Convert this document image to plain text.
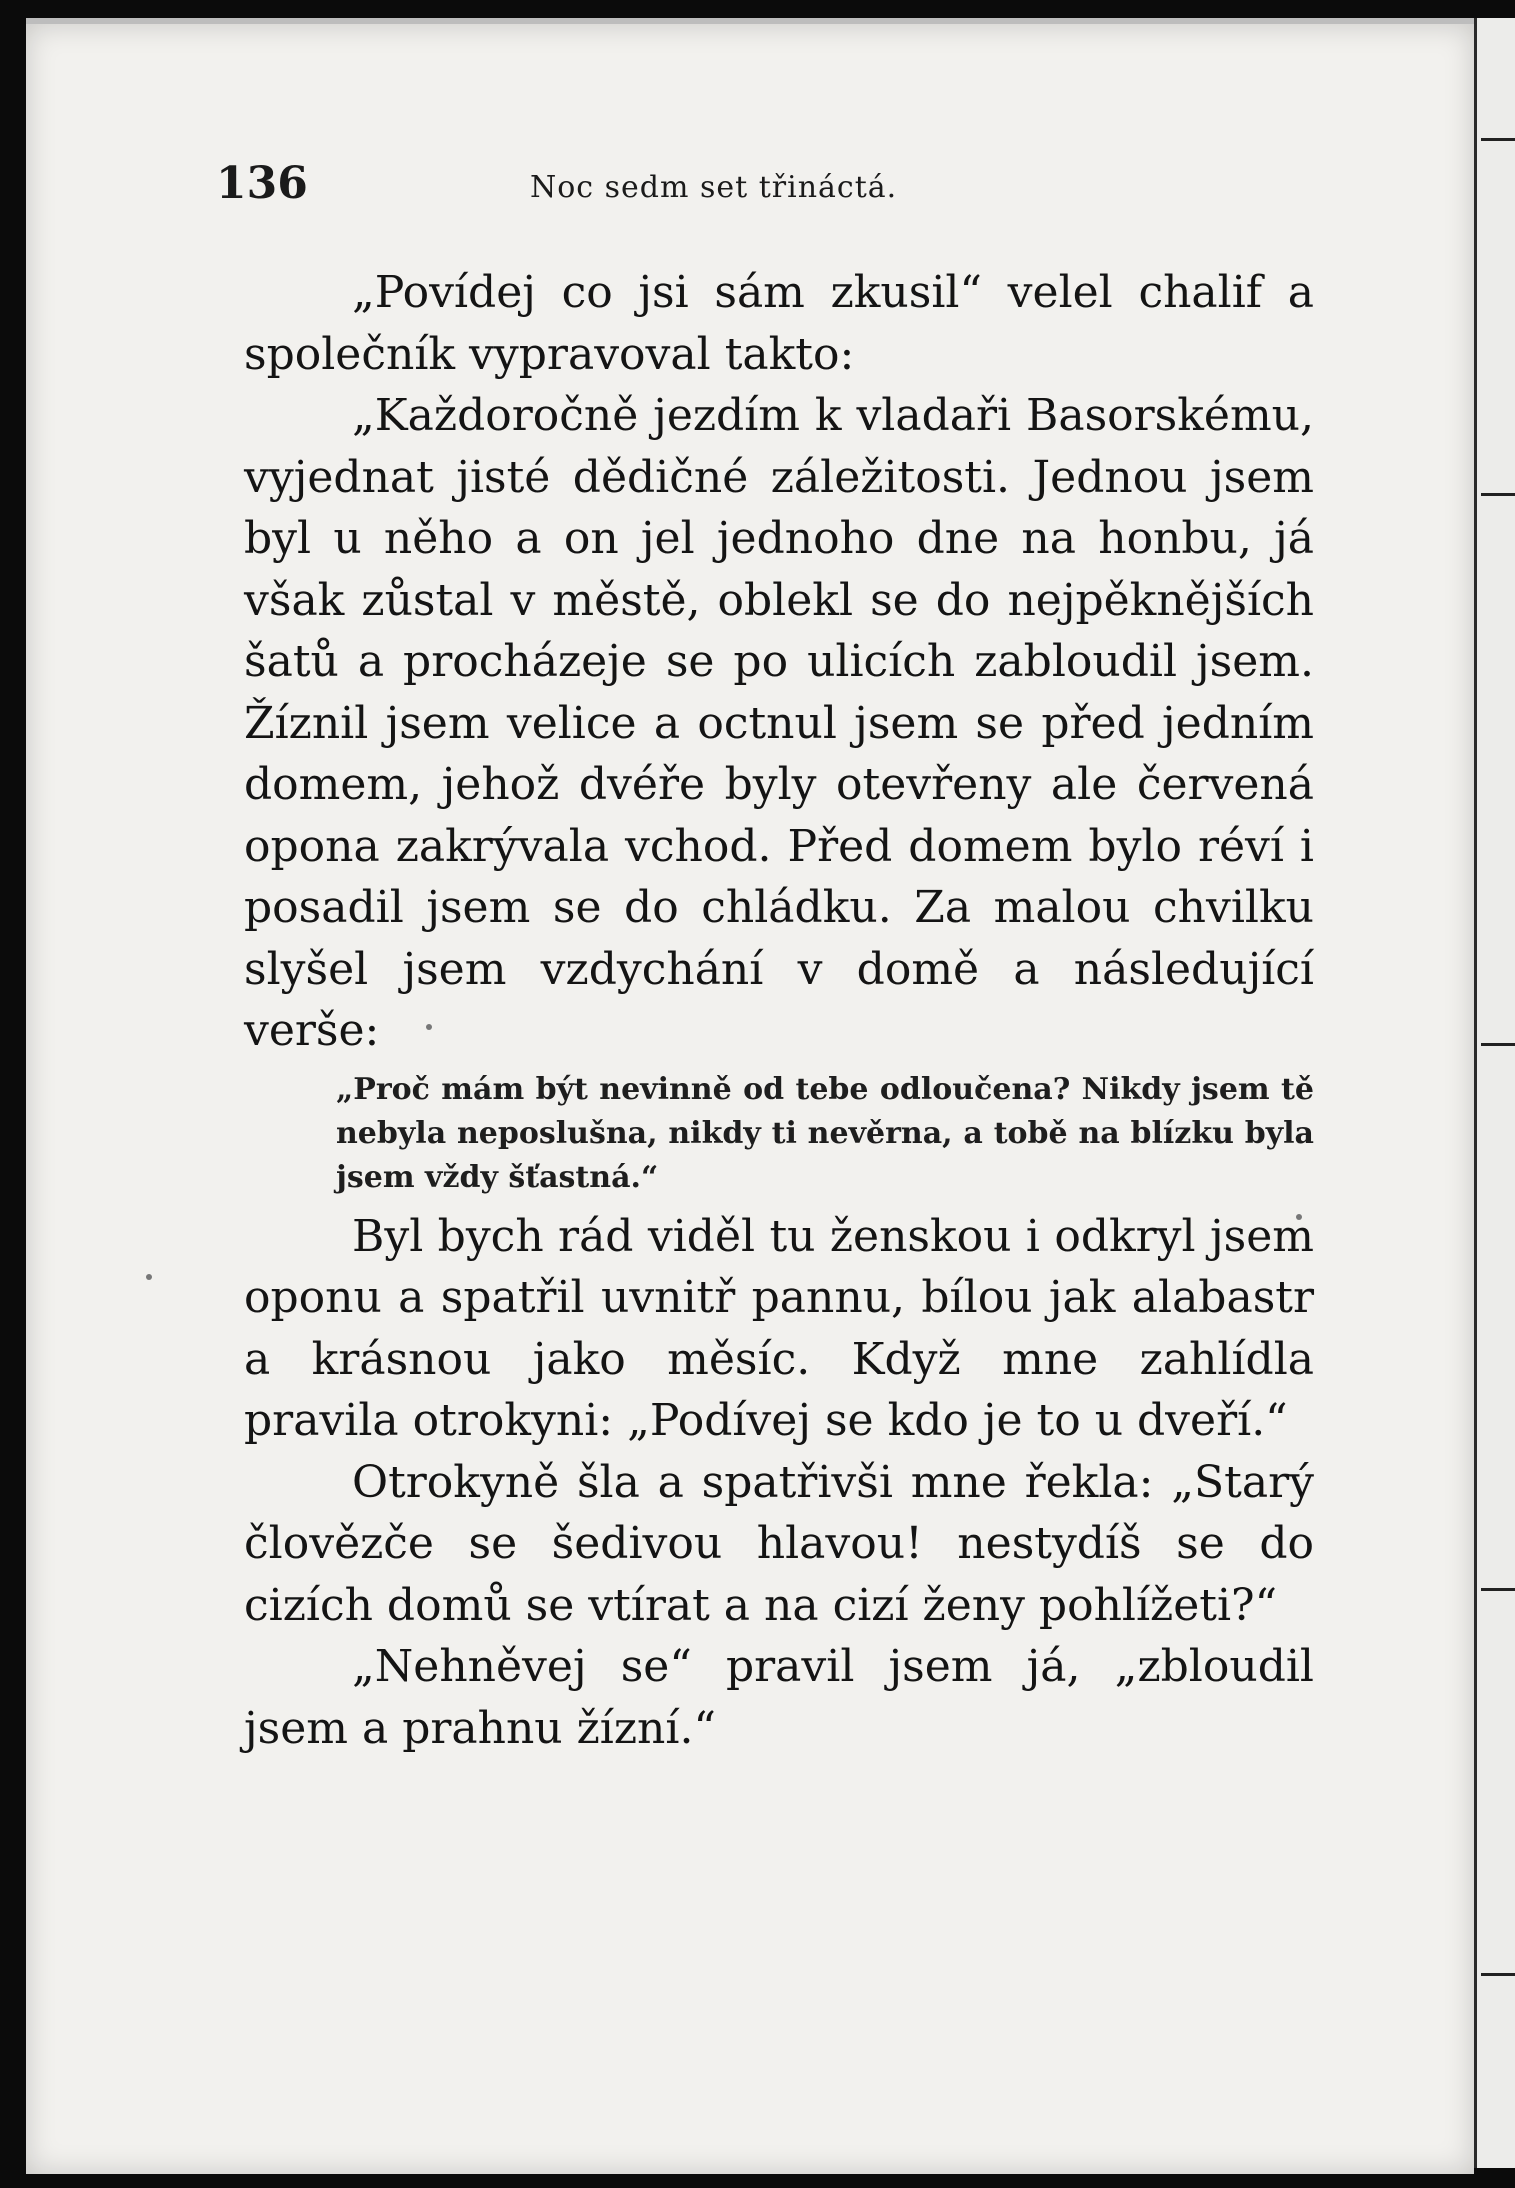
136	Noc sedm set třináctá.

„Povídej co jsi sám zkusil“ velel chalif a společník vypravoval takto:

„Každoročně jezdím k vladaři Basorskému, vyjednat jisté dědičné záležitosti. Jednou jsem byl u něho a on jel jednoho dne na honbu, já však zůstal v městě, oblekl se do nejpěknějších šatů a procházeje se po ulicích zabloudil jsem. Žíznil jsem velice a octnul jsem se před jedním domem, jehož dvéře byly otevřeny ale červená opona zakrývala vchod. Před domem bylo réví i posadil jsem se do chládku. Za malou chvilku slyšel jsem vzdychání v domě a následující verše:

„Proč mám být nevinně od tebe odloučena? Nikdy jsem tě nebyla neposlušna, nikdy ti nevěrna, a tobě na blízku byla jsem vždy šťastná.“

Byl bych rád viděl tu ženskou i odkryl jsem oponu a spatřil uvnitř pannu, bílou jak alabastr a krásnou jako měsíc. Když mne zahlídla pravila otrokyni: „Podívej se kdo je to u dveří.“

Otrokyně šla a spatřivši mne řekla: „Starý človězče se šedivou hlavou! nestydíš se do cizích domů se vtírat a na cizí ženy pohlížeti?“

„Nehněvej se“ pravil jsem já, „zbloudil jsem a prahnu žízní.“
